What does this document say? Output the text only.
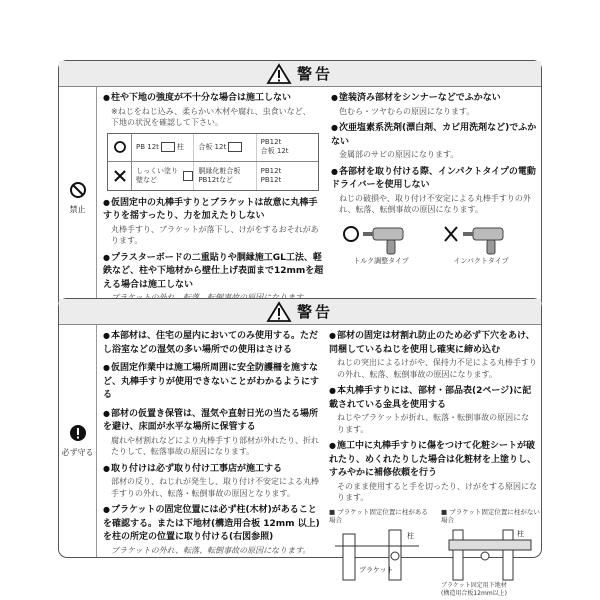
警告
禁止
● 柱や下地の強度が不十分な場合は施工しない
※ねじをねじ込み、柔らかい木材や腐れ、虫食いなど、
下地の状況を確認して下さい。
PB 12t	柱 合板 12t
PB12t
合板 12t
しっくい塗り壁など
胴縁化粧合板PB12tなど
PB12t
PB12t
● 仮固定中の丸棒手すりとブラケットは故意に丸棒手すりを揺すったり、力を加えたりしない
丸棒手すり、ブラケットが落下し、けがをするおそれがあります。
● プラスターボードの二重貼りや胴縁施工GL工法、軽鉄など、柱や下地材から壁仕上げ表面まで12mmを超える場合は施工しない
● 塗装済み部材をシンナーなどでふかない
色むら・ツヤむらの原因になります。
● 次亜塩素系洗剤(漂白剤、カビ用洗剤など)でふかない
金属部のサビの原因になります。
● 各部材を取り付ける際、インパクトタイプの電動ドライバーを使用しない
ねじの破損や、取り付け不安定による丸棒手すりの外れ、転落、転倒事故の原因になります。
トルク調整タイプ	インパクトタイプ
警告
必ず守る
● 本部材は、住宅の屋内においてのみ使用する。ただし浴室などの湿気の多い場所での使用はさける
● 仮固定作業中は施工場所周囲に安全防護柵を施すなど、丸棒手すりが使用できないことがわかるようにする
● 部材の仮置き保管は、湿気や直射日光の当たる場所を避け、床面が水平な場所に保管する
腐れや材割れなどにより丸棒手すり部材が外れたり、折れたりして、転落事故の原因になります。
● 取り付けは必ず取り付け工事店が施工する
部材の反り、ねじれが発生し、取り付け不安定による丸棒手すりの外れ、転落・転倒事故の原因となります。
● ブラケットの固定位置には必ず柱(木材)があることを確認する。または下地材(構造用合板 12mm 以上)を柱の所定の位置に取り付ける(右図参照)
ブラケットの外れ、転落、転倒事故の原因になります。
● 部材の固定は材割れ防止のため必ず下穴をあけ、同梱しているねじを使用し確実に締め込む
ねじの突出によるけがや、保持力不足による丸棒手すりの外れ、転落、転倒事故の原因になります。
● 本丸棒手すりには、部材・部品表(2ページ)に記載されている金具を使用する
ねじやブラケットが折れ、転落・転倒事故の原因になります。
● 施工中に丸棒手すりに傷をつけて化粧シートが破れたり、めくれたりした場合は化粧材を上塗りし、すみやかに補修依頼を行う
そのまま使用すると手を切ったり、けがをする原因になります。
■ ブラケット固定位置に柱がある場合
柱
ブラケット
■ ブラケット固定位置に柱がない場合
柱
ブラケット固定用下地材
(構造用合板12mm以上)
